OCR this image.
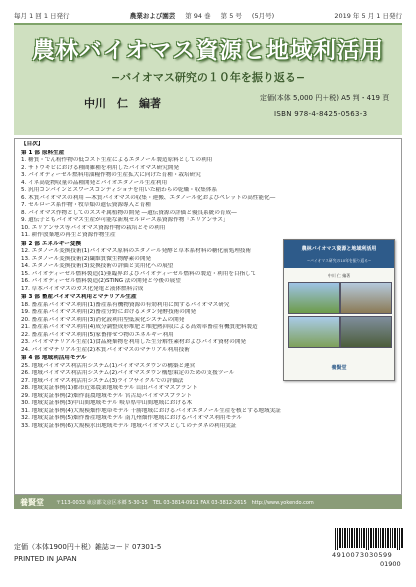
毎月 1 回 1 日発行	農業および園芸 第 94 巻 第 5 号 (5月号)	2019 年 5 月 1 日発行
農林バイオマス資源と地域利活用
−バイオマス研究の１０年を振り返る−
中川　仁　編著	定価(本体 5,000 円＋税) A5 判・419 頁
ISBN 978-4-8425-0563-3
【目次】
第 1 部 原料生産
1. 糖質・でん粉作物の低コスト生産によるエタノール製造原料としての利用
2. サトウキビにおける種間雑種を利用したバイオマス研究開発
3. バイオディーゼル燃料用油糧作物の生産拡大に向けた育種・栽培研究
4. イネ高乾物収量の品種開発とバイオエタノール生産利用
5. 汎用コンバインとスワースコンディショナを用いた稲わらの乾燥・収集体系
6. 木質バイオマスの利用 ―木質バイオマスの収集・運搬、エタノール化およびペレットの高性能化―
7. セルロース系作物・牧草類の遺伝資源導入と育種
8. バイオマス作物としてのススキ属植物の開発 ―遺伝資源の評価と優良系統の育成―
9. 遺伝子ともバイオマス生産が可能な新規セルロース系資源作物「エリアンサス」
10. エリアンサス等バイオマス資源作物の栽培とその利用
11. 耕作放棄地の再生と資源作物生産
第 2 部 エネルギー変換
12. エタノール変換技術(1)バイオマス原料のエタノール発酵と草本系材料の糖化前処理技術
13. エタノール変換技術(2)繊維質微生物酵素の開発
14. エタノール変換技術(3)変換技術の評価と実用化への展望
15. バイオディーゼル燃料製造(1)亜臨界およびバイオディーゼル燃料の製造・利用を目指して
16. バイオディーゼル燃料製造(2)STING 法の開発と今後の展望
17. 草本バイオマスのガス化発電と液体燃料合成
第 3 部 畜産バイオマス利用とマテリアル生産
18. 畜産系バイオマス利用(1)畜産系有機物資源の有効利用に関するバイオマス研究
19. 畜産系バイオマス利用(2)畜産分野におけるメタン発酵技術の開発
20. 畜産系バイオマス利用(3)消化液利用型低炭化システムの開発
21. 畜産系バイオマス利用(4)成分調整成形堆肥と堆肥熱回収による高効率畜産有機質肥料製造
22. 畜産系バイオマス利用(5)家畜排せつ物のエネルギー利用
23. バイオマテリアル生産(1)食品廃棄物を利用した生分解性素材およびバイオ資材の開発
24. バイオマテリアル生産(2)木質バイオマスのマテリアル利用技術
第 4 部 地域利活用モデル
25. 地域バイオマス利活用システム(1)バイオマスタウンの構築と運営
26. 地域バイオマス利活用システム(2)バイオマスタウン構想策定のための支援ツール
27. 地域バイオマス利活用システム(3)ライフサイクルでの評価法
28. 地域実証事例(1)都市近郊農業地域モデル 山田バイオマスプラント
29. 地域実証事例(2)畑作混農地域モデル 宮古島バイオマスプラント
30. 地域実証事例(3)中山間地域モデル 岐阜県中山間地域における木
31. 地域実証事例(4)大規模畑作地帯モデル 十勝地域におけるバイオエタノール生産を核とする地域実証
32. 地域実証事例(5)畑作畜産地域モデル 南九州畑作地域におけるバイオマス利用モデル
33. 地域実証事例(6)大規模水田地域モデル 地域バイオマスとしてのナタネの利用実証
農林バイオマス資源と地域利活用
−バイオマス研究の10年を振り返る−
中川 仁 編著
養賢堂
養賢堂 〒113-0033 東京都文京区本郷 5-30-15　TEL 03-3814-0911 FAX 03-3812-2615　http://www.yokendo.com
定価（本体1900円＋税）雑誌コード 07301-5
PRINTED IN JAPAN	4910073030599
01900
